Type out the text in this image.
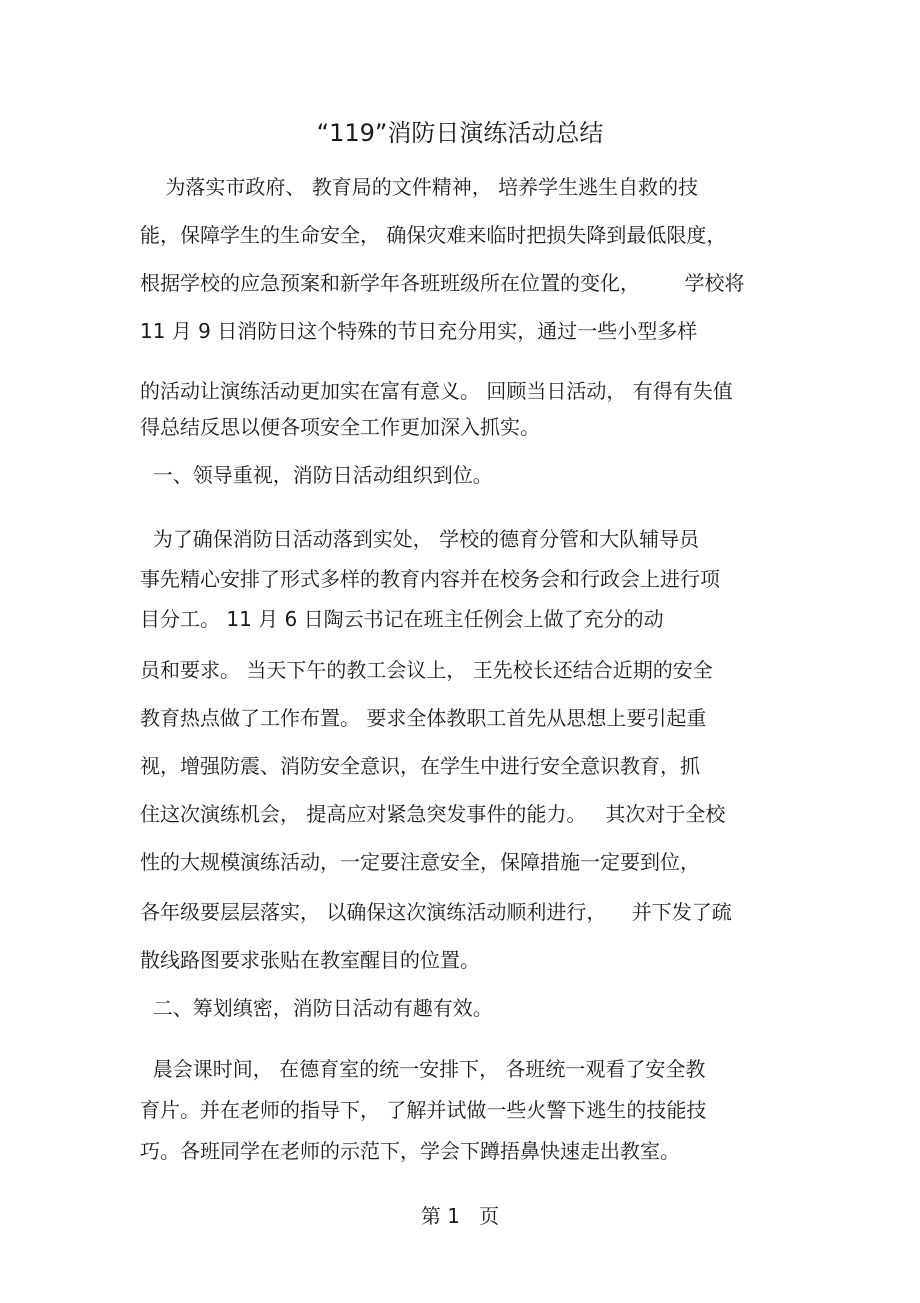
“119”消防日演练活动总结
为落实市政府、 教育局的文件精神， 培养学生逃生自救的技
能，保障学生的生命安全， 确保灾难来临时把损失降到最低限度，
根据学校的应急预案和新学年各班班级所在位置的变化，       学校将
11 月 9 日消防日这个特殊的节日充分用实，通过一些小型多样
的活动让演练活动更加实在富有意义。 回顾当日活动， 有得有失值
得总结反思以便各项安全工作更加深入抓实。
一、领导重视，消防日活动组织到位。
为了确保消防日活动落到实处， 学校的德育分管和大队辅导员
事先精心安排了形式多样的教育内容并在校务会和行政会上进行项
目分工。 11 月 6 日陶云书记在班主任例会上做了充分的动
员和要求。 当天下午的教工会议上， 王先校长还结合近期的安全
教育热点做了工作布置。 要求全体教职工首先从思想上要引起重
视，增强防震、消防安全意识，在学生中进行安全意识教育，抓
住这次演练机会， 提高应对紧急突发事件的能力。   其次对于全校
性的大规模演练活动，一定要注意安全，保障措施一定要到位，
各年级要层层落实， 以确保这次演练活动顺利进行，    并下发了疏
散线路图要求张贴在教室醒目的位置。
二、筹划缜密，消防日活动有趣有效。
晨会课时间， 在德育室的统一安排下， 各班统一观看了安全教
育片。并在老师的指导下， 了解并试做一些火警下逃生的技能技
巧。各班同学在老师的示范下，学会下蹲捂鼻快速走出教室。
第 1   页
